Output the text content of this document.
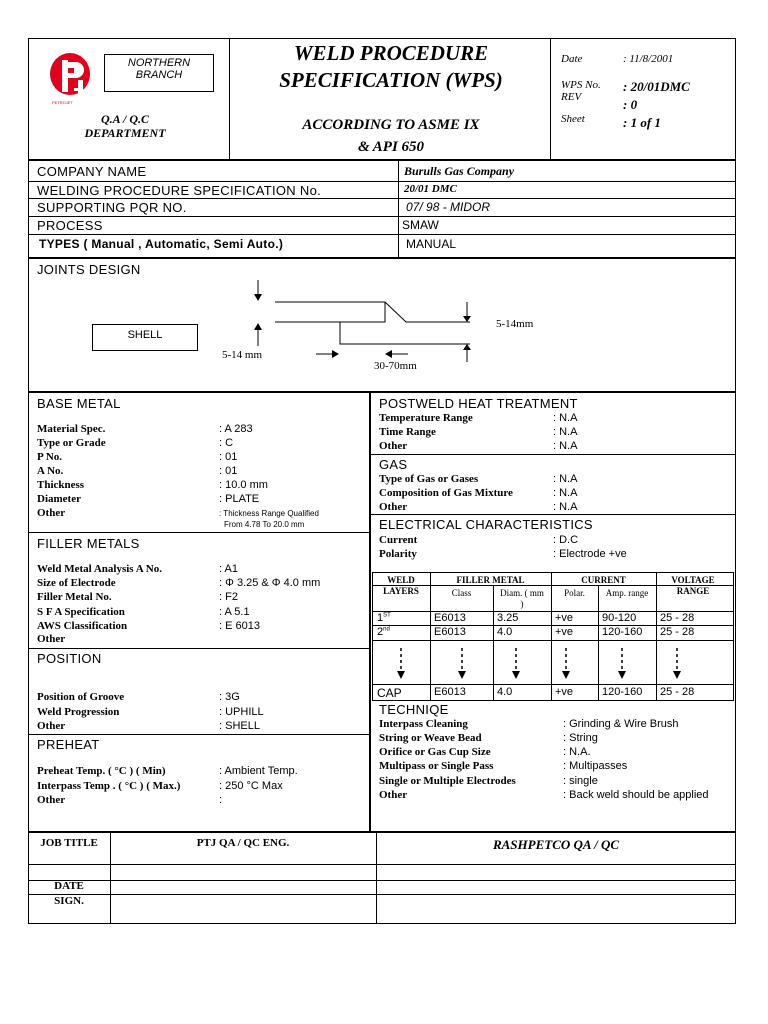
PETROJET
NORTHERN BRANCH
Q.A / Q.C DEPARTMENT
WELD PROCEDURE SPECIFICATION (WPS)
ACCORDING TO ASME IX
& API 650
Date	: 11/8/2001
WPS No. : 20/01DMC
REV	: 0
Sheet	: 1 of 1
COMPANY NAME	Burulls Gas Company
WELDING PROCEDURE SPECIFICATION No.	20/01 DMC
SUPPORTING PQR NO.	07/ 98 - MIDOR
PROCESS	SMAW
TYPES ( Manual , Automatic, Semi Auto.)	MANUAL
JOINTS DESIGN
SHELL
5-14 mm
5-14mm
30-70mm
BASE METAL
Material Spec.	: A 283
Type or Grade	: C
P No.	: 01
A No.	: 01
Thickness	: 10.0 mm
Diameter	: PLATE
Other	: Thickness Range Qualified
From 4.78 To 20.0 mm
FILLER METALS
Weld Metal Analysis A No.	: A1
Size of Electrode	: Φ 3.25 & Φ 4.0 mm
Filler Metal No.	: F2
S F A Specification	: A 5.1
AWS Classification	: E 6013
Other
POSITION
Position of Groove	: 3G
Weld Progression	: UPHILL
Other	: SHELL
PREHEAT
Preheat Temp. ( °C ) ( Min)	: Ambient Temp.
Interpass Temp . ( °C ) ( Max.)	: 250 °C Max
Other	:
POSTWELD HEAT TREATMENT
Temperature Range	: N.A
Time Range	: N.A
Other	: N.A
GAS
Type of Gas or Gases	: N.A
Composition of Gas Mixture	: N.A
Other	: N.A
ELECTRICAL CHARACTERISTICS
Current	: D.C
Polarity	: Electrode +ve
WELD LAYERS
FILLER METAL	CURRENT	VOLTAGE RANGE
Class	Diam. ( mm )
Polar.	Amp. range
1ST	E6013	3.25	+ve	90-120 25 - 28
2nd	E6013	4.0	+ve	120-160 25 - 28
CAP	E6013	4.0	+ve	120-160 25 - 28
TECHNIQE
Interpass Cleaning	: Grinding & Wire Brush
String or Weave Bead	: String
Orifice or Gas Cup Size	: N.A.
Multipass or Single Pass	: Multipasses
Single or Multiple Electrodes	: single
Other	: Back weld should be applied
JOB TITLE	PTJ QA / QC ENG.	RASHPETCO QA / QC
DATE
SIGN.
